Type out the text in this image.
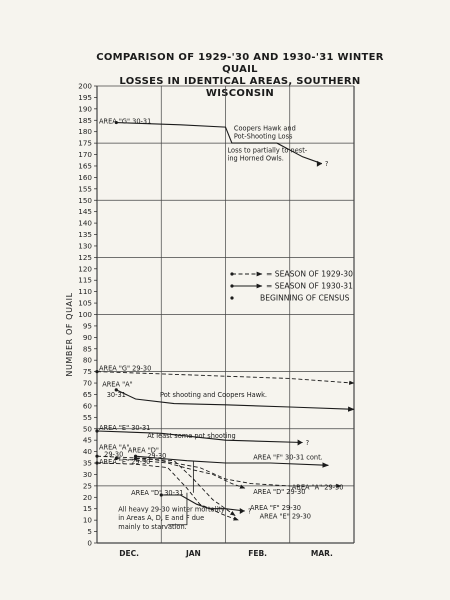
COMPARISON OF 1929-'30 AND 1930-'31 WINTER QUAIL
LOSSES IN IDENTICAL AREAS, SOUTHERN WISCONSIN
0
5
10
15
20
25
30
35
40
45
50
55
60
65
70
75
80
85
90
95
100
105
110
115
120
125
130
135
140
145
150
155
160
165
170
175
180
185
190
195
200
DEC.	JAN	FEB.	MAR.
NUMBER OF QUAIL
?
?
?
AREA "G" 30-31
AREA "G" 29-30
AREA "A"
30-31
AREA "E" 30-31
AREA "A"
29-30 AREA "D"
29-30
AREA "E" 29-30
AREA "D" 30-31
AREA "F" 30-31 cont.
AREA "A" 29-30
AREA "D" 29-30
AREA "F" 29-30
AREA "E" 29-30
Coopers Hawk and
Pot-Shooting Loss
Loss to partially to nest-
ing Horned Owls.
Pot shooting and Coopers Hawk.
At least some pot shooting
All heavy 29-30 winter mortality
in Areas A, D, E and F due
mainly to starvation.
= SEASON OF 1929-30
= SEASON OF 1930-31
BEGINNING OF CENSUS
